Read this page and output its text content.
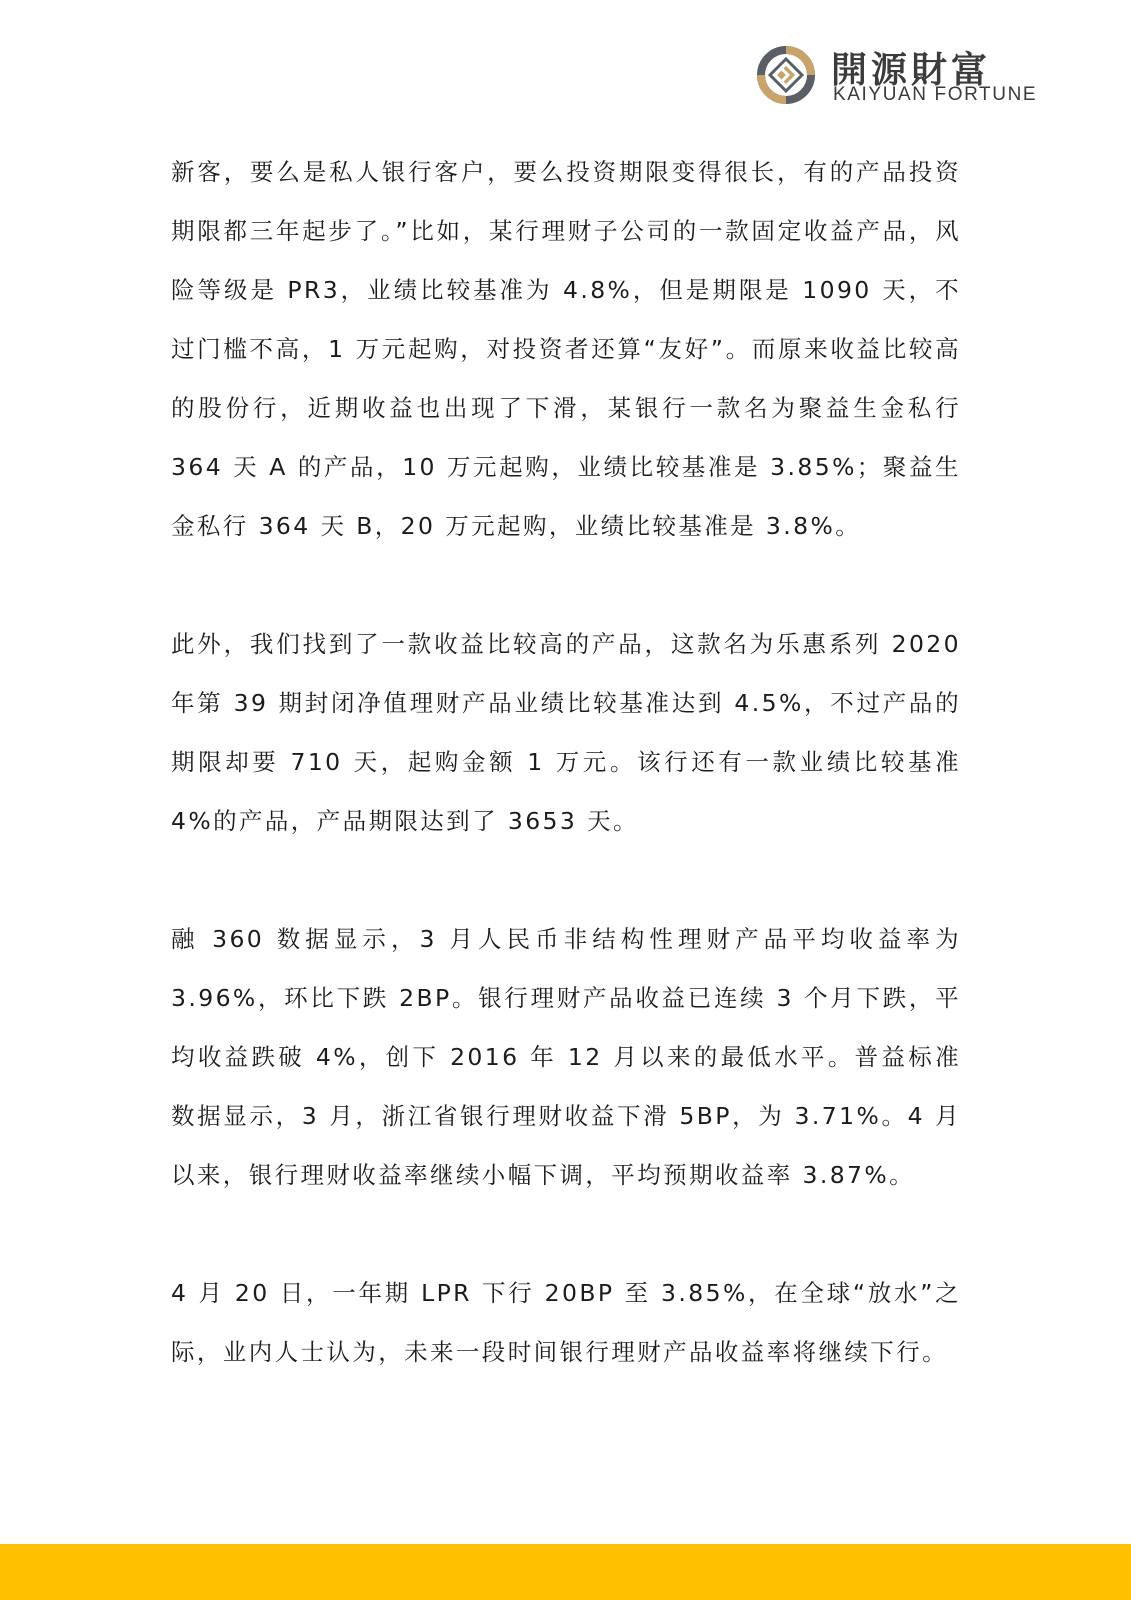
開源財富
KAIYUAN FORTUNE

新客，要么是私人银行客户，要么投资期限变得很长，有的产品投资期限都三年起步了。”比如，某行理财子公司的一款固定收益产品，风险等级是 PR3，业绩比较基准为 4.8%，但是期限是 1090 天，不过门槛不高，1 万元起购，对投资者还算“友好”。而原来收益比较高的股份行，近期收益也出现了下滑，某银行一款名为聚益生金私行 364 天 A 的产品，10 万元起购，业绩比较基准是 3.85%；聚益生金私行 364 天 B，20 万元起购，业绩比较基准是 3.8%。

此外，我们找到了一款收益比较高的产品，这款名为乐惠系列 2020 年第 39 期封闭净值理财产品业绩比较基准达到 4.5%，不过产品的期限却要 710 天，起购金额 1 万元。该行还有一款业绩比较基准 4%的产品，产品期限达到了 3653 天。

融 360 数据显示，3 月人民币非结构性理财产品平均收益率为 3.96%，环比下跌 2BP。银行理财产品收益已连续 3 个月下跌，平均收益跌破 4%，创下 2016 年 12 月以来的最低水平。普益标准数据显示，3 月，浙江省银行理财收益下滑 5BP，为 3.71%。4 月以来，银行理财收益率继续小幅下调，平均预期收益率 3.87%。

4 月 20 日，一年期 LPR 下行 20BP 至 3.85%，在全球“放水”之际，业内人士认为，未来一段时间银行理财产品收益率将继续下行。
